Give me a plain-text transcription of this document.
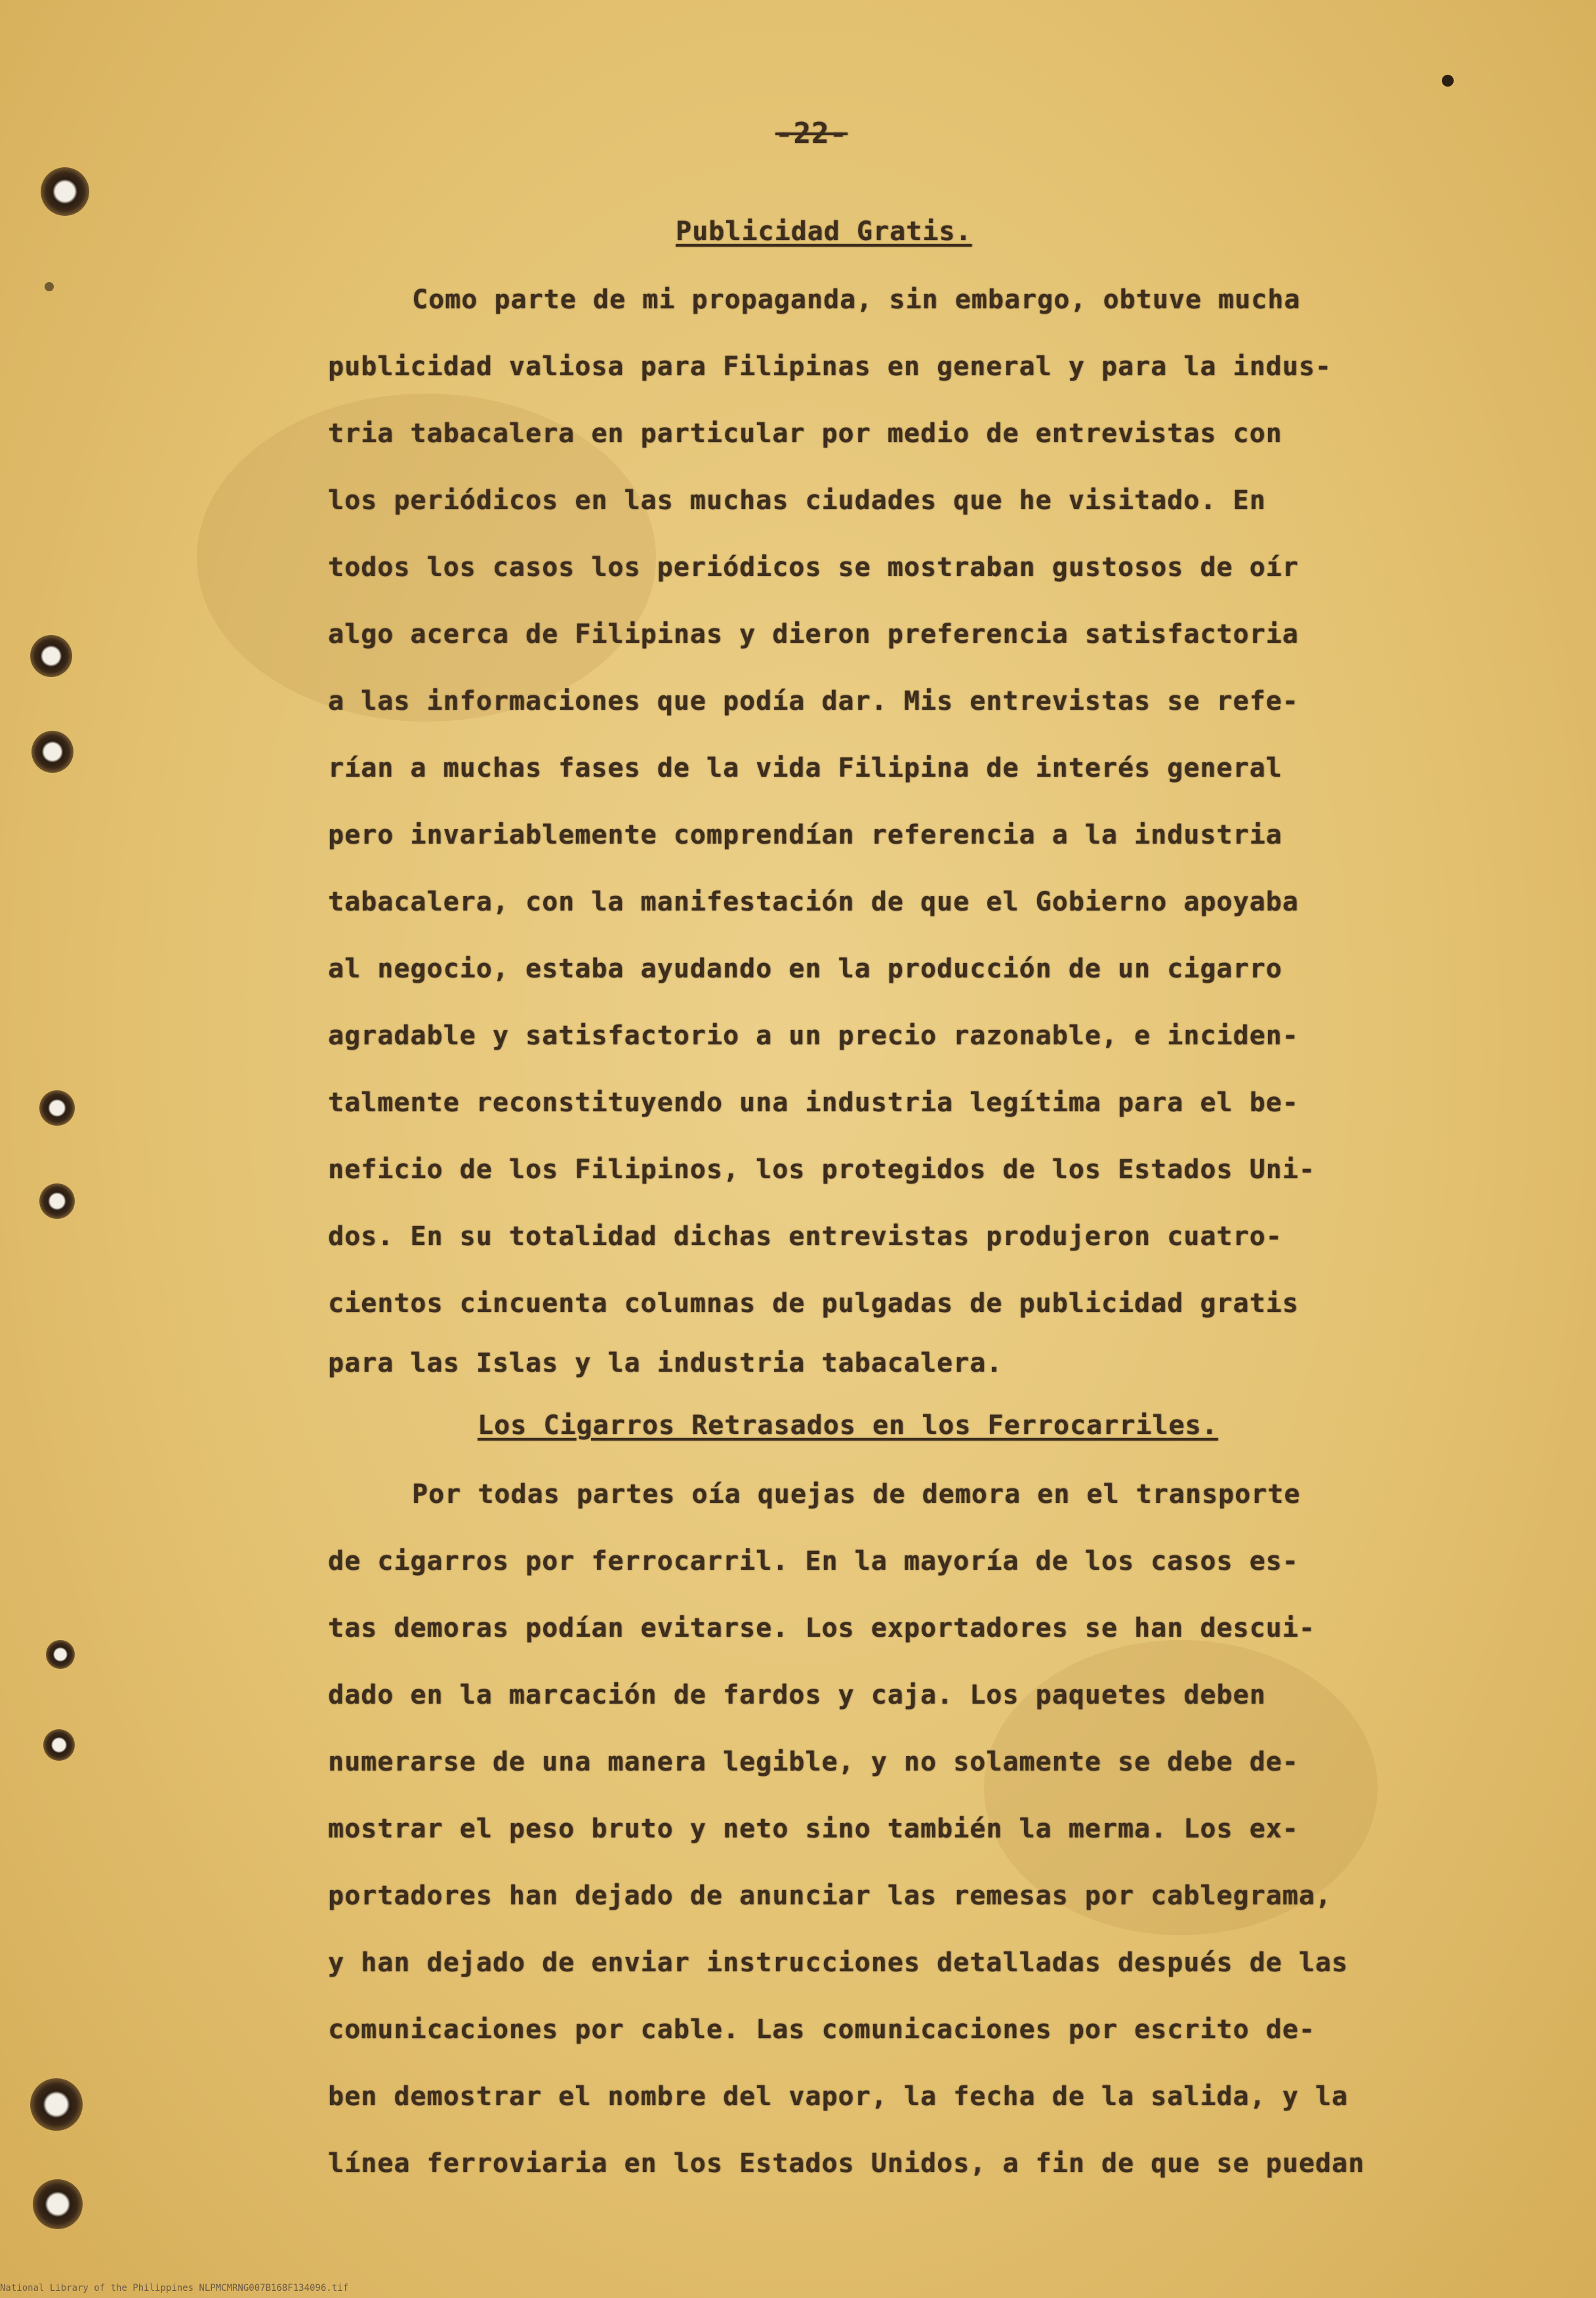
-22-
Publicidad Gratis.
Como parte de mi propaganda, sin embargo, obtuve mucha
publicidad valiosa para Filipinas en general y para la indus-
tria tabacalera en particular por medio de entrevistas con
los periódicos en las muchas ciudades que he visitado. En
todos los casos los periódicos se mostraban gustosos de oír
algo acerca de Filipinas y dieron preferencia satisfactoria
a las informaciones que podía dar. Mis entrevistas se refe-
rían a muchas fases de la vida Filipina de interés general
pero invariablemente comprendían referencia a la industria
tabacalera, con la manifestación de que el Gobierno apoyaba
al negocio, estaba ayudando en la producción de un cigarro
agradable y satisfactorio a un precio razonable, e inciden-
talmente reconstituyendo una industria legítima para el be-
neficio de los Filipinos, los protegidos de los Estados Uni-
dos. En su totalidad dichas entrevistas produjeron cuatro-
cientos cincuenta columnas de pulgadas de publicidad gratis
para las Islas y la industria tabacalera.
Los Cigarros Retrasados en los Ferrocarriles.
Por todas partes oía quejas de demora en el transporte
de cigarros por ferrocarril. En la mayoría de los casos es-
tas demoras podían evitarse. Los exportadores se han descui-
dado en la marcación de fardos y caja. Los paquetes deben
numerarse de una manera legible, y no solamente se debe de-
mostrar el peso bruto y neto sino también la merma. Los ex-
portadores han dejado de anunciar las remesas por cablegrama,
y han dejado de enviar instrucciones detalladas después de las
comunicaciones por cable. Las comunicaciones por escrito de-
ben demostrar el nombre del vapor, la fecha de la salida, y la
línea ferroviaria en los Estados Unidos, a fin de que se puedan
National Library of the Philippines NLPMCMRNG007B168F134096.tif
